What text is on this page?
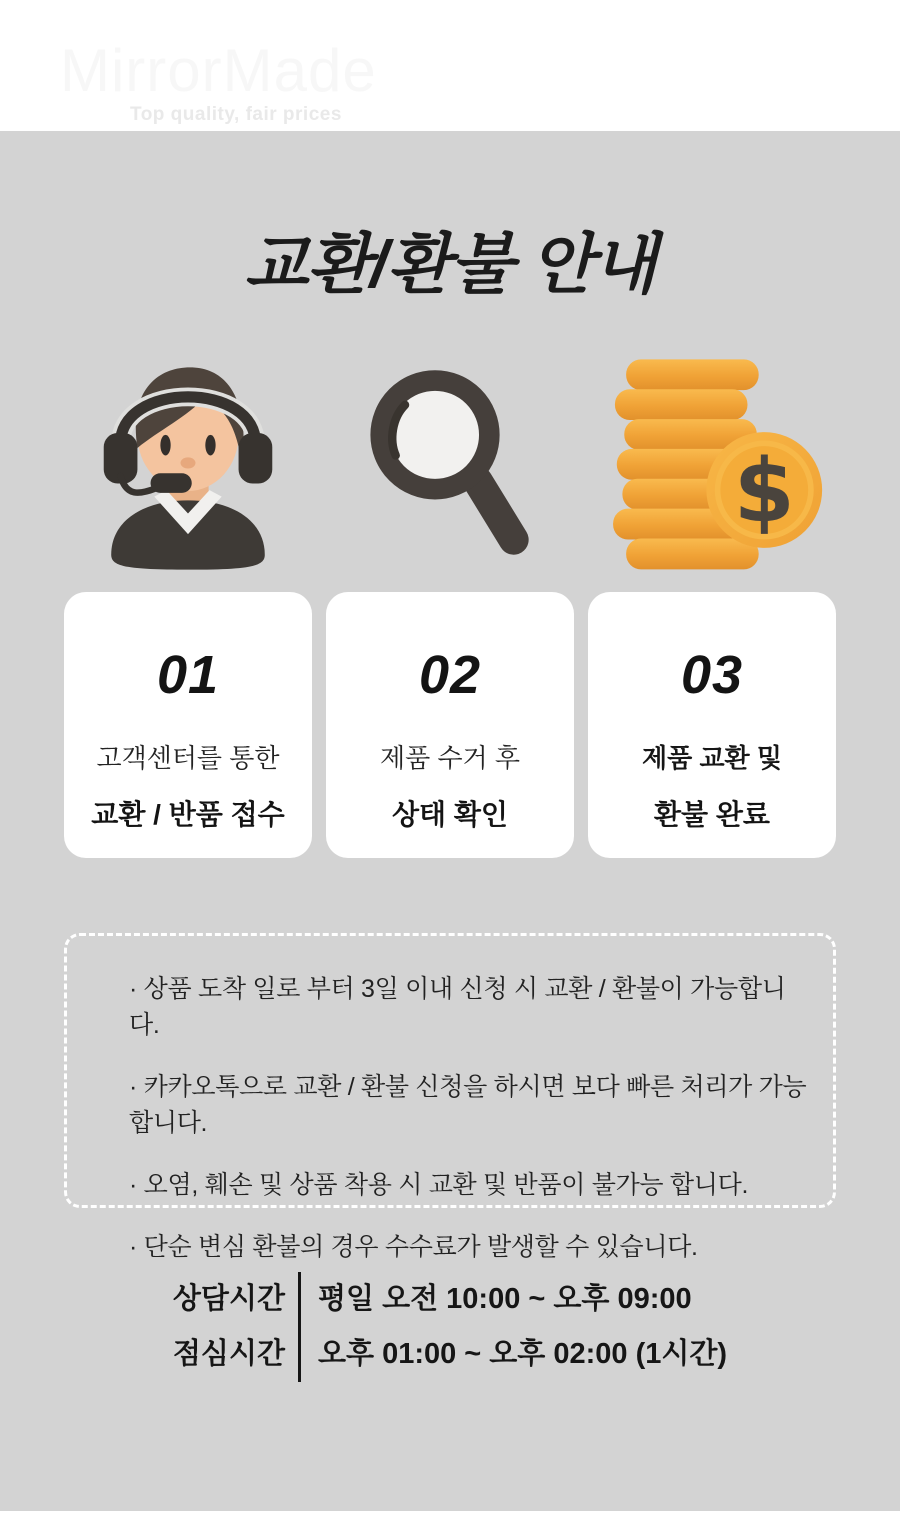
MirrorMade
Top quality, fair prices
교환/환불 안내
$
01
고객센터를 통한
교환 / 반품 접수
02
제품 수거 후
상태 확인
03
제품 교환 및
환불 완료

· 상품 도착 일로 부터 3일 이내 신청 시 교환 / 환불이 가능합니다.

· 카카오톡으로 교환 / 환불 신청을 하시면 보다 빠른 처리가 가능합니다.

· 오염, 훼손 및 상품 착용 시 교환 및 반품이 불가능 합니다.

· 단순 변심 환불의 경우 수수료가 발생할 수 있습니다.

상담시간
점심시간
평일 오전 10:00 ~ 오후 09:00
오후 01:00 ~ 오후 02:00 (1시간)
